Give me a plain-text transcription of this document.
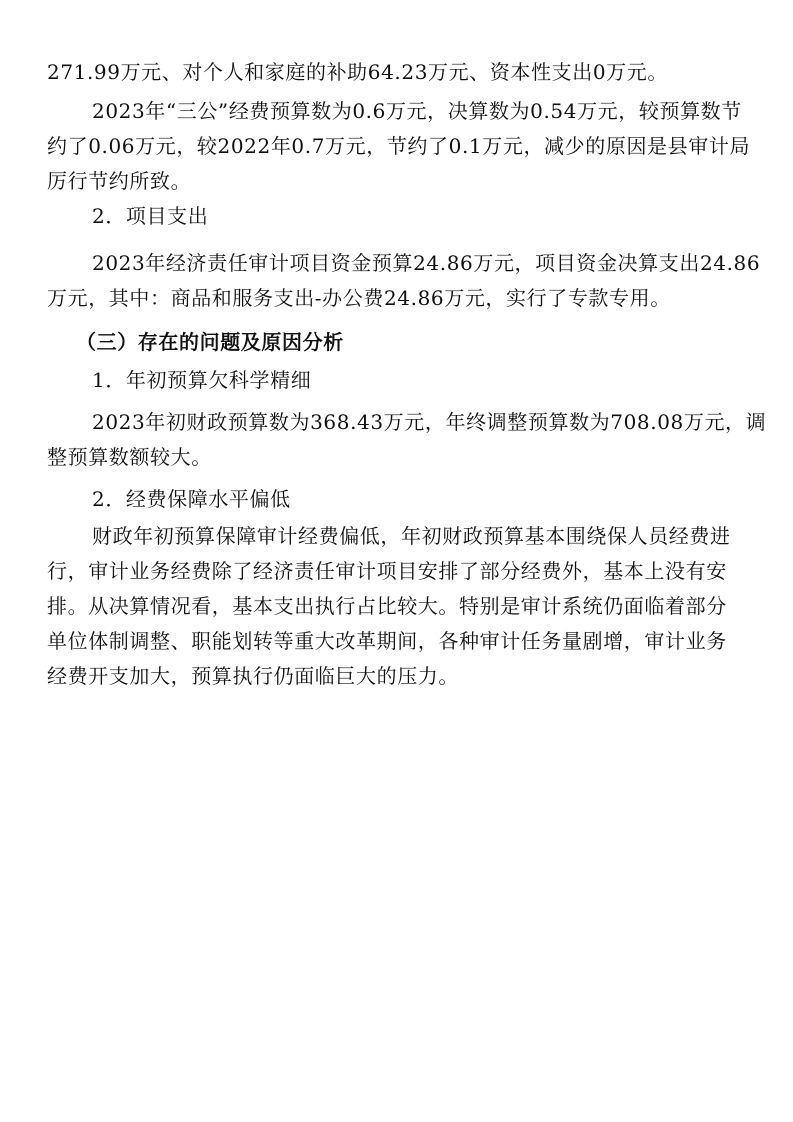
271.99万元、对个人和家庭的补助64.23万元、资本性支出0万元。

2023年“三公”经费预算数为0.6万元，决算数为0.54万元，较预算数节

约了0.06万元，较2022年0.7万元，节约了0.1万元，减少的原因是县审计局

厉行节约所致。

2．项目支出

2023年经济责任审计项目资金预算24.86万元，项目资金决算支出24.86

万元，其中：商品和服务支出-办公费24.86万元，实行了专款专用。

（三）存在的问题及原因分析

1．年初预算欠科学精细

2023年初财政预算数为368.43万元，年终调整预算数为708.08万元，调

整预算数额较大。

2．经费保障水平偏低

财政年初预算保障审计经费偏低，年初财政预算基本围绕保人员经费进

行，审计业务经费除了经济责任审计项目安排了部分经费外，基本上没有安

排。从决算情况看，基本支出执行占比较大。特别是审计系统仍面临着部分

单位体制调整、职能划转等重大改革期间，各种审计任务量剧增，审计业务

经费开支加大，预算执行仍面临巨大的压力。
